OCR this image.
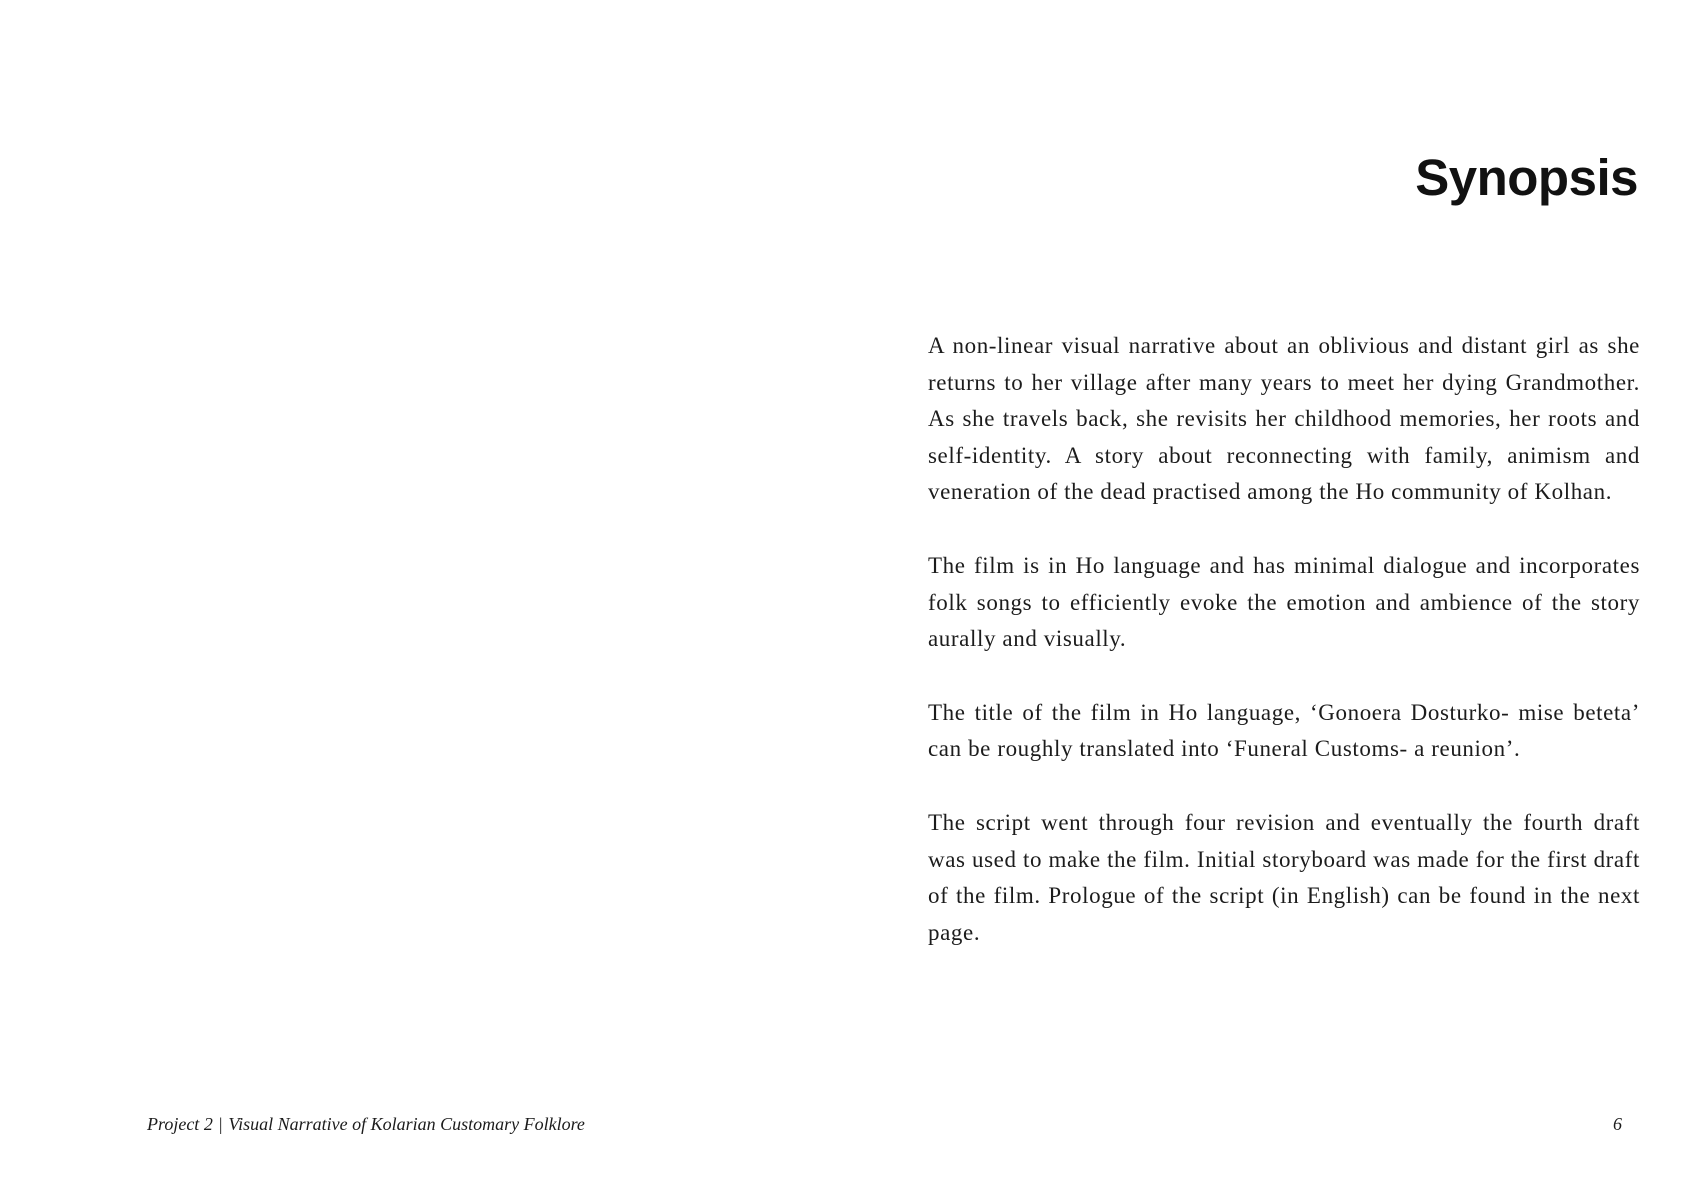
Synopsis

A non-linear visual narrative about an oblivious and distant girl as she returns to her village after many years to meet her dying Grandmother. As she travels back, she revisits her childhood memories, her roots and self-identity. A story about reconnecting with family, animism and veneration of the dead practised among the Ho community of Kolhan.

The film is in Ho language and has minimal dialogue and incorporates folk songs to efficiently evoke the emotion and ambience of the story aurally and visually.

The title of the film in Ho language, ‘Gonoera Dosturko- mise beteta’ can be roughly translated into ‘Funeral Customs- a reunion’.

The script went through four revision and eventually the fourth draft was used to make the film. Initial storyboard was made for the first draft of the film. Prologue of the script (in English) can be found in the next page.

Project 2 | Visual Narrative of Kolarian Customary Folklore	6
